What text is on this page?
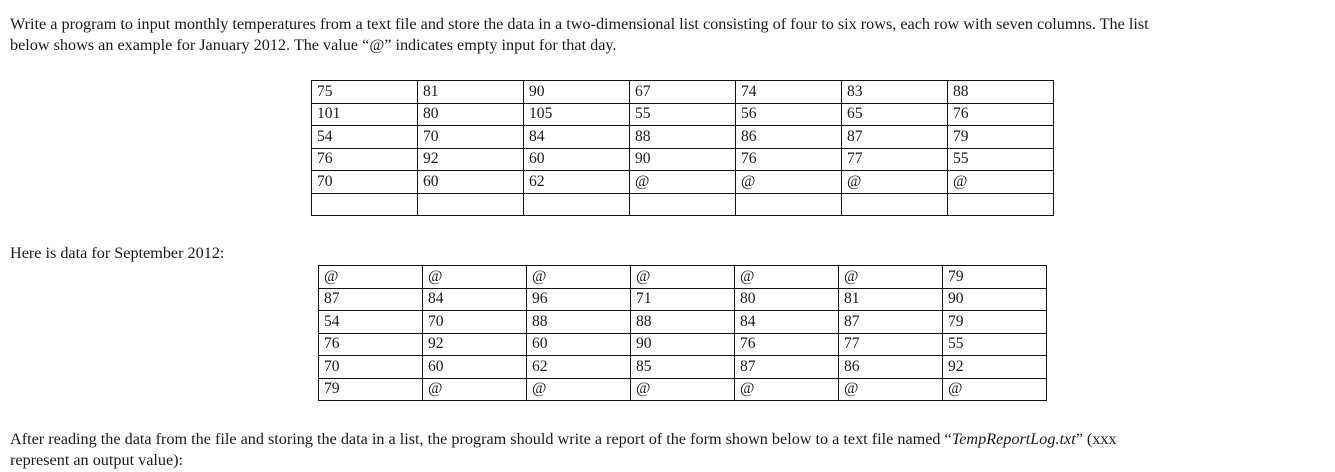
Write a program to input monthly temperatures from a text file and store the data in a two-dimensional list consisting of four to six rows, each row with seven columns. The list
below shows an example for January 2012. The value “@” indicates empty input for that day.

75	81	90	67	74	83	88
101	80	105	55	56	65	76
54	70	84	88	86	87	79
76	92	60	90	76	77	55
70	60	62	@	@	@	@

Here is data for September 2012:

@	@	@	@	@	@	79
87	84	96	71	80	81	90
54	70	88	88	84	87	79
76	92	60	90	76	77	55
70	60	62	85	87	86	92
79	@	@	@	@	@	@

After reading the data from the file and storing the data in a list, the program should write a report of the form shown below to a text file named “TempReportLog.txt” (xxx
represent an output value):
